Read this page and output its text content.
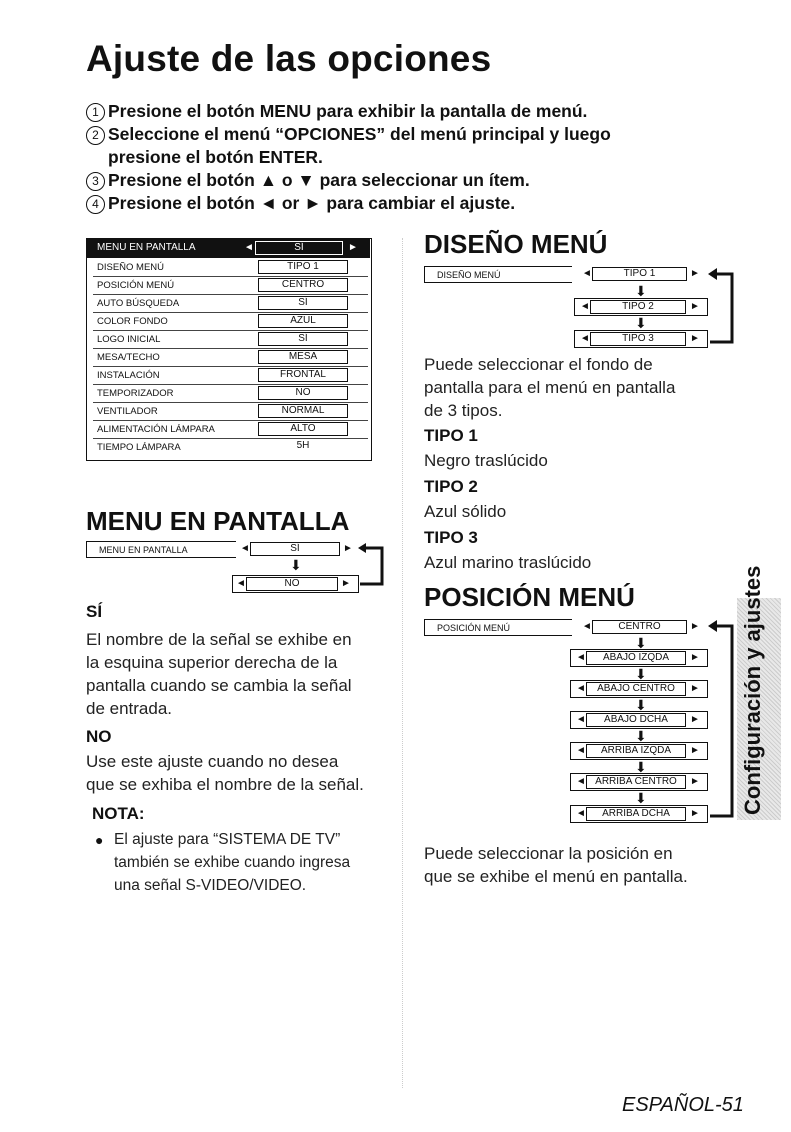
Ajuste de las opciones
1 Presione el botón MENU para exhibir la pantalla de menú.
2 Seleccione el menú “OPCIONES” del menú principal y luego
presione el botón ENTER.
3 Presione el botón ▲ o ▼ para seleccionar un ítem.
4 Presione el botón ◄ or ► para cambiar el ajuste.
MENU EN PANTALLA	◄	SÍ	►
DISEÑO MENÚ	TIPO 1
POSICIÓN MENÚ	CENTRO
AUTO BÚSQUEDA	SÍ
COLOR FONDO	AZUL
LOGO INICIAL	SÍ
MESA/TECHO	MESA
INSTALACIÓN	FRONTAL
TEMPORIZADOR	NO
VENTILADOR	NORMAL
ALIMENTACIÓN LÁMPARA	ALTO
TIEMPO LÁMPARA	5H
MENU EN PANTALLA
MENU EN PANTALLA	◄	SÍ	►
⬇
◄	NO	►
SÍ
El nombre de la señal se exhibe en
la esquina superior derecha de la
pantalla cuando se cambia la señal
de entrada.
NO
Use este ajuste cuando no desea
que se exhiba el nombre de la señal.
NOTA:
● El ajuste para “SISTEMA DE TV”
también se exhibe cuando ingresa
una señal S-VIDEO/VIDEO.
DISEÑO MENÚ
DISEÑO MENÚ	◄	TIPO 1	►
⬇
◄	TIPO 2	►
⬇
◄	TIPO 3	►
Puede seleccionar el fondo de
pantalla para el menú en pantalla
de 3 tipos.
TIPO 1
Negro traslúcido
TIPO 2
Azul sólido
TIPO 3
Azul marino traslúcido
POSICIÓN MENÚ
POSICIÓN MENÚ	◄	CENTRO	►
⬇
◄	ABAJO IZQDA	►
⬇
◄	ABAJO CENTRO	►
⬇
◄	ABAJO DCHA	►
⬇
◄	ARRIBA IZQDA	►
⬇
◄ ARRIBA CENTRO	►
⬇
◄	ARRIBA DCHA	►
Puede seleccionar la posición en
que se exhibe el menú en pantalla.
Configuración y ajustes
ESPAÑOL-51
